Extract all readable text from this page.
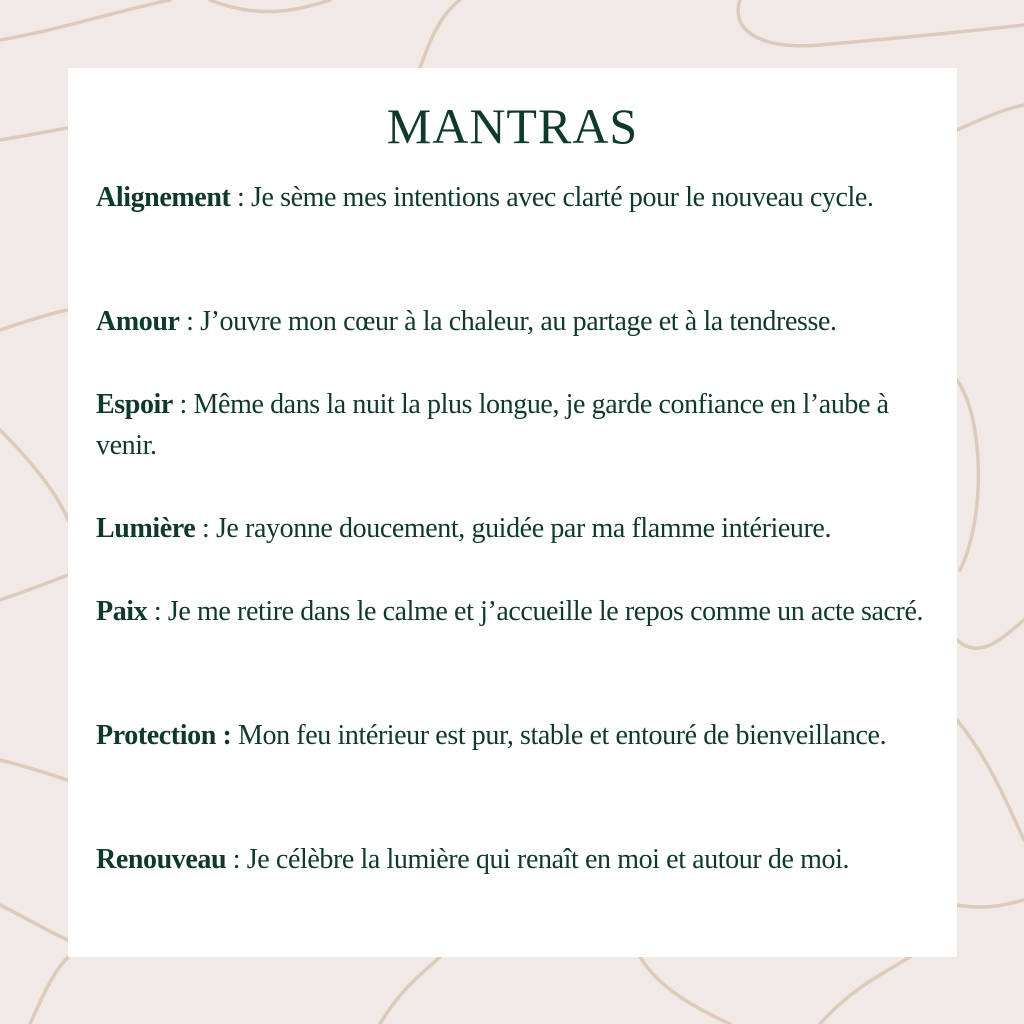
MANTRAS
Alignement : Je sème mes intentions avec clarté pour le nouveau cycle.
Amour : J’ouvre mon cœur à la chaleur, au partage et à la tendresse.
Espoir : Même dans la nuit la plus longue, je garde confiance en l’aube à venir.
Lumière : Je rayonne doucement, guidée par ma flamme intérieure.
Paix : Je me retire dans le calme et j’accueille le repos comme un acte sacré.
Protection : Mon feu intérieur est pur, stable et entouré de bienveillance.
Renouveau : Je célèbre la lumière qui renaît en moi et autour de moi.
